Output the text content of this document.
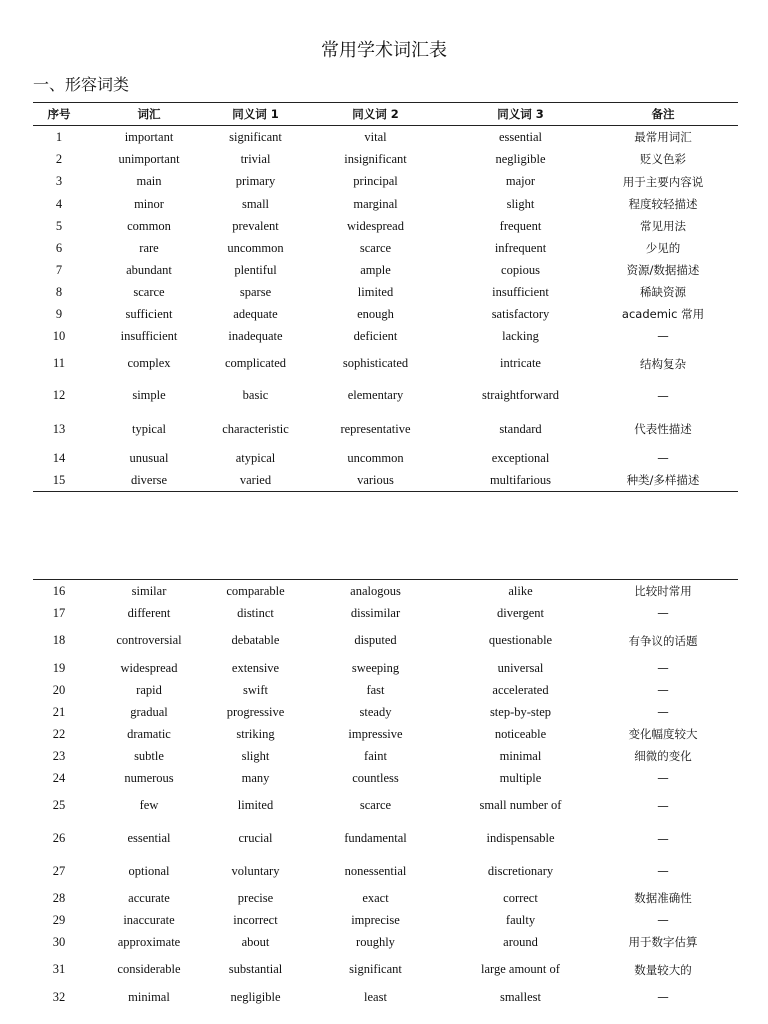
常用学术词汇表
一、形容词类
序号	词汇	同义词 1	同义词 2	同义词 3	备注
1	important	significant	vital	essential	最常用词汇
2	unimportant	trivial	insignificant	negligible	贬义色彩
3	main	primary	principal	major	用于主要内容说
4	minor	small	marginal	slight	程度较轻描述
5	common	prevalent	widespread	frequent	常见用法
6	rare	uncommon	scarce	infrequent	少见的
7	abundant	plentiful	ample	copious	资源/数据描述
8	scarce	sparse	limited	insufficient	稀缺资源
9	sufficient	adequate	enough	satisfactory	academic 常用
10	insufficient	inadequate	deficient	lacking	—
11	complex	complicated	sophisticated	intricate	结构复杂
12	simple	basic	elementary	straightforward	—
13	typical	characteristic	representative	standard	代表性描述
14	unusual	atypical	uncommon	exceptional	—
15	diverse	varied	various	multifarious	种类/多样描述
16	similar	comparable	analogous	alike	比较时常用
17	different	distinct	dissimilar	divergent	—
18	controversial	debatable	disputed	questionable	有争议的话题
19	widespread	extensive	sweeping	universal	—
20	rapid	swift	fast	accelerated	—
21	gradual	progressive	steady	step-by-step	—
22	dramatic	striking	impressive	noticeable	变化幅度较大
23	subtle	slight	faint	minimal	细微的变化
24	numerous	many	countless	multiple	—
25	few	limited	scarce	small number of	—
26	essential	crucial	fundamental	indispensable	—
27	optional	voluntary	nonessential	discretionary	—
28	accurate	precise	exact	correct	数据准确性
29	inaccurate	incorrect	imprecise	faulty	—
30	approximate	about	roughly	around	用于数字估算
31	considerable	substantial	significant	large amount of	数量较大的
32	minimal	negligible	least	smallest	—
